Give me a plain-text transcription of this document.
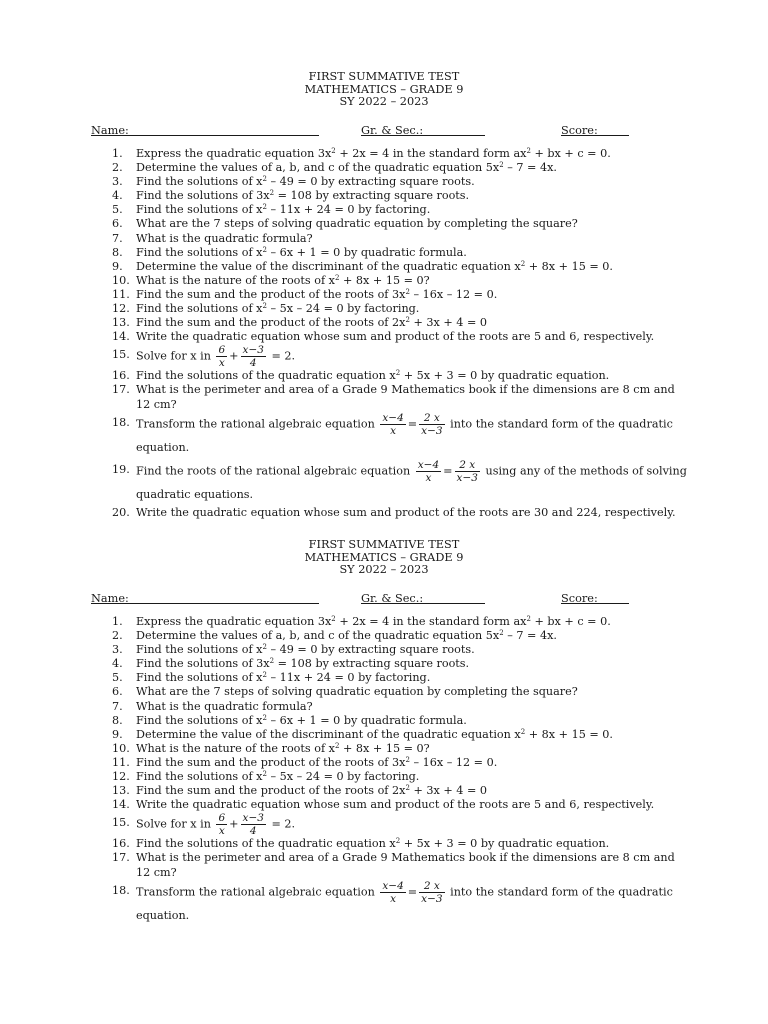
FIRST SUMMATIVE TEST
MATHEMATICS – GRADE 9
SY 2022 – 2023
Name:	Gr. & Sec.:	Score:
1.	Express the quadratic equation $3x^2 + 2x = 4$ in the standard form $ax^2$ + bx + c = 0.
2.	Determine the values of a, b, and c of the quadratic equation $5x^2 - 7 = 4x$.
3.	Find the solutions of $x^2 - 49 = 0$ by extracting square roots.
4.	Find the solutions of $3x^2 = 108$ by extracting square roots.
5.	Find the solutions of $x^2 - 11x + 24 = 0$ by factoring.
6.	What are the 7 steps of solving quadratic equation by completing the square?
7.	What is the quadratic formula?
8.	Find the solutions of $x^2 - 6x + 1 = 0$ by quadratic formula.
9.	Determine the value of the discriminant of the quadratic equation $x^2 + 8x + 15 = 0$.
10. What is the nature of the roots of $x^2 + 8x + 15 = 0$?
11. Find the sum and the product of the roots of $3x^2 - 16x - 12 = 0$.
12. Find the solutions of $x^2 - 5x - 24 = 0$ by factoring.
13. Find the sum and the product of the roots of $2x^2 + 3x + 4 = 0$
14. Write the quadratic equation whose sum and product of the roots are 5 and 6, respectively.
15. Solve for x in $\frac{6}{x} + \frac{x-3}{4} = 2$.
16. Find the solutions of the quadratic equation $x^2 + 5x + 3 = 0$ by quadratic equation.
17. What is the perimeter and area of a Grade 9 Mathematics book if the dimensions are 8 cm and 12 cm?
18. Transform the rational algebraic equation $\frac{x-4}{x} = \frac{2 x}{x-3}$ into the standard form of the quadratic equation.
19. Find the roots of the rational algebraic equation $\frac{x-4}{x} = \frac{2 x}{x-3}$ using any of the methods of solving quadratic equations.
20. Write the quadratic equation whose sum and product of the roots are 30 and 224, respectively.
FIRST SUMMATIVE TEST
MATHEMATICS – GRADE 9
SY 2022 – 2023
Name:	Gr. & Sec.:	Score:
1.	Express the quadratic equation $3x^2 + 2x = 4$ in the standard form $ax^2$ + bx + c = 0.
2.	Determine the values of a, b, and c of the quadratic equation $5x^2 - 7 = 4x$.
3.	Find the solutions of $x^2 - 49 = 0$ by extracting square roots.
4.	Find the solutions of $3x^2 = 108$ by extracting square roots.
5.	Find the solutions of $x^2 - 11x + 24 = 0$ by factoring.
6.	What are the 7 steps of solving quadratic equation by completing the square?
7.	What is the quadratic formula?
8.	Find the solutions of $x^2 - 6x + 1 = 0$ by quadratic formula.
9.	Determine the value of the discriminant of the quadratic equation $x^2 + 8x + 15 = 0$.
10. What is the nature of the roots of $x^2 + 8x + 15 = 0$?
11. Find the sum and the product of the roots of $3x^2 - 16x - 12 = 0$.
12. Find the solutions of $x^2 - 5x - 24 = 0$ by factoring.
13. Find the sum and the product of the roots of $2x^2 + 3x + 4 = 0$
14. Write the quadratic equation whose sum and product of the roots are 5 and 6, respectively.
15. Solve for x in $\frac{6}{x} + \frac{x-3}{4} = 2$.
16. Find the solutions of the quadratic equation $x^2 + 5x + 3 = 0$ by quadratic equation.
17. What is the perimeter and area of a Grade 9 Mathematics book if the dimensions are 8 cm and 12 cm?
18. Transform the rational algebraic equation $\frac{x-4}{x} = \frac{2 x}{x-3}$ into the standard form of the quadratic equation.
